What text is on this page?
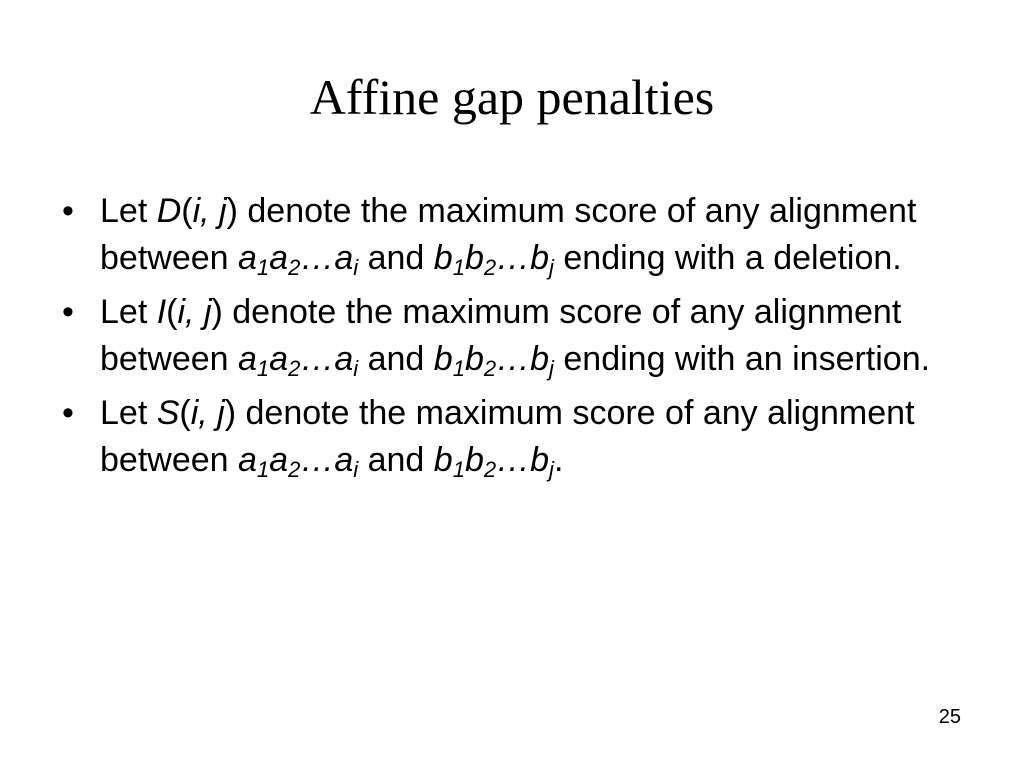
Affine gap penalties
• Let D(i, j) denote the maximum score of any alignment between $a_1a_2\dots a_i$ and $b_1b_2\dots b_j$ ending with a deletion.
• Let I(i, j) denote the maximum score of any alignment between $a_1a_2\dots a_i$ and $b_1b_2\dots b_j$ ending with an insertion.
• Let S(i, j) denote the maximum score of any alignment between $a_1a_2\dots a_i$ and $b_1b_2\dots b_j$.
25
